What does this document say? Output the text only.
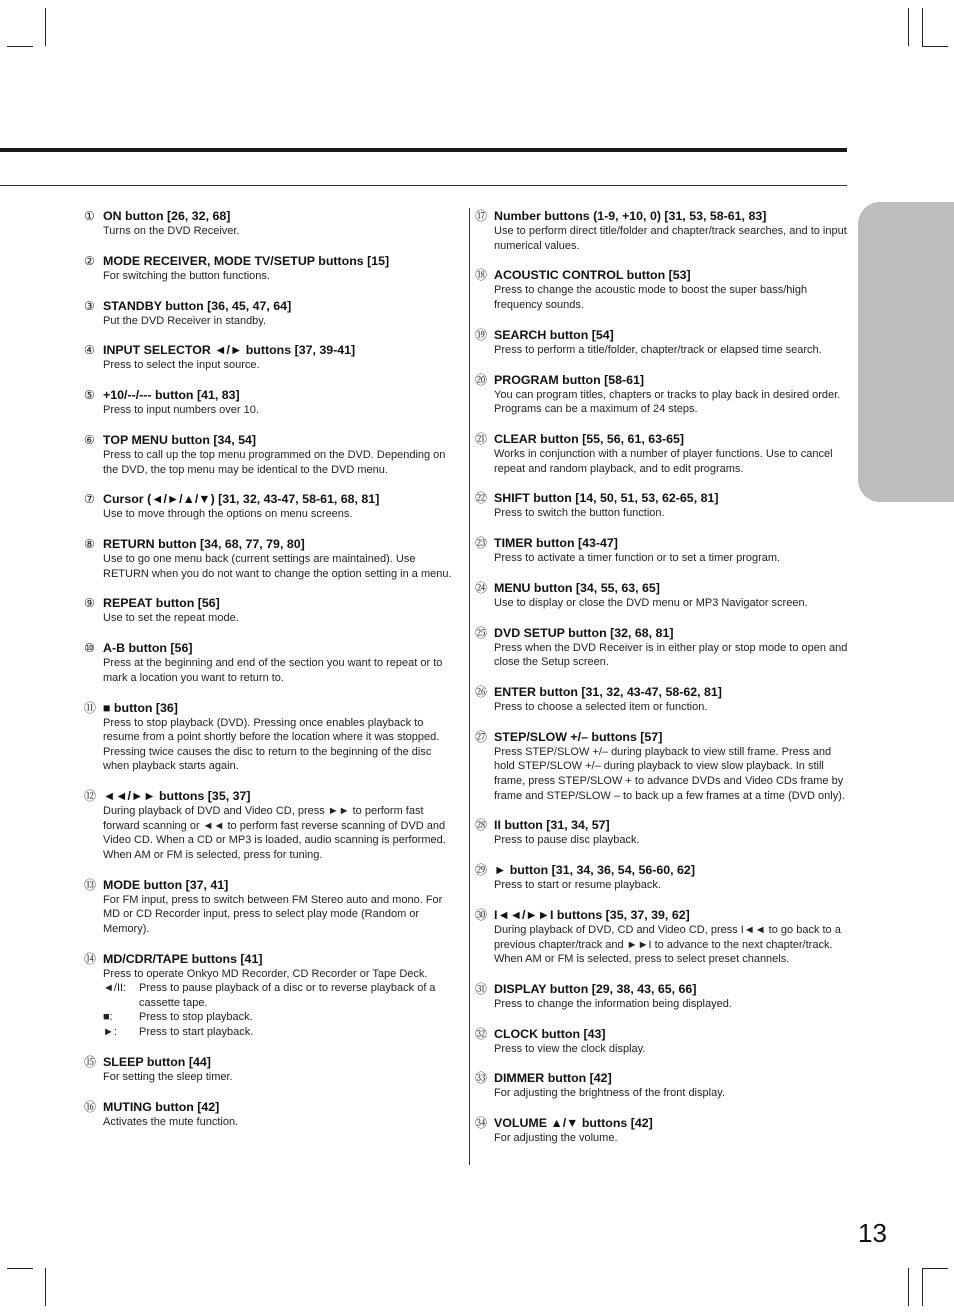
① ON button [26, 32, 68]
Turns on the DVD Receiver.
② MODE RECEIVER, MODE TV/SETUP buttons [15]
For switching the button functions.
③ STANDBY button [36, 45, 47, 64]
Put the DVD Receiver in standby.
④ INPUT SELECTOR ◄/► buttons [37, 39-41]
Press to select the input source.
⑤ +10/--/--- button [41, 83]
Press to input numbers over 10.
⑥ TOP MENU button [34, 54]
Press to call up the top menu programmed on the DVD. Depending on the DVD, the top menu may be identical to the DVD menu.
⑦ Cursor (◄/►/▲/▼) [31, 32, 43-47, 58-61, 68, 81]
Use to move through the options on menu screens.
⑧ RETURN button [34, 68, 77, 79, 80]
Use to go one menu back (current settings are maintained). Use RETURN when you do not want to change the option setting in a menu.
⑨ REPEAT button [56]
Use to set the repeat mode.
⑩ A-B button [56]
Press at the beginning and end of the section you want to repeat or to mark a location you want to return to.
⑪ ■ button [36]
Press to stop playback (DVD). Pressing once enables playback to resume from a point shortly before the location where it was stopped. Pressing twice causes the disc to return to the beginning of the disc when playback starts again.
⑫ ◄◄/►► buttons [35, 37]
During playback of DVD and Video CD, press ►► to perform fast forward scanning or ◄◄ to perform fast reverse scanning of DVD and Video CD. When a CD or MP3 is loaded, audio scanning is performed. When AM or FM is selected, press for tuning.
⑬ MODE button [37, 41]
For FM input, press to switch between FM Stereo auto and mono. For MD or CD Recorder input, press to select play mode (Random or Memory).
⑭ MD/CDR/TAPE buttons [41]
Press to operate Onkyo MD Recorder, CD Recorder or Tape Deck.
◄/II:	Press to pause playback of a disc or to reverse playback of a cassette tape.
■:	Press to stop playback.
►:	Press to start playback.
⑮ SLEEP button [44]
For setting the sleep timer.
⑯ MUTING button [42]
Activates the mute function.
⑰ Number buttons (1-9, +10, 0) [31, 53, 58-61, 83]
Use to perform direct title/folder and chapter/track searches, and to input numerical values.
⑱ ACOUSTIC CONTROL button [53]
Press to change the acoustic mode to boost the super bass/high frequency sounds.
⑲ SEARCH button [54]
Press to perform a title/folder, chapter/track or elapsed time search.
⑳ PROGRAM button [58-61]
You can program titles, chapters or tracks to play back in desired order. Programs can be a maximum of 24 steps.
㉑ CLEAR button [55, 56, 61, 63-65]
Works in conjunction with a number of player functions. Use to cancel repeat and random playback, and to edit programs.
㉒ SHIFT button [14, 50, 51, 53, 62-65, 81]
Press to switch the button function.
㉓ TIMER button [43-47]
Press to activate a timer function or to set a timer program.
㉔ MENU button [34, 55, 63, 65]
Use to display or close the DVD menu or MP3 Navigator screen.
㉕ DVD SETUP button [32, 68, 81]
Press when the DVD Receiver is in either play or stop mode to open and close the Setup screen.
㉖ ENTER button [31, 32, 43-47, 58-62, 81]
Press to choose a selected item or function.
㉗ STEP/SLOW +/– buttons [57]
Press STEP/SLOW +/– during playback to view still frame. Press and hold STEP/SLOW +/– during playback to view slow playback. In still frame, press STEP/SLOW + to advance DVDs and Video CDs frame by frame and STEP/SLOW – to back up a few frames at a time (DVD only).
㉘ II button [31, 34, 57]
Press to pause disc playback.
㉙ ► button [31, 34, 36, 54, 56-60, 62]
Press to start or resume playback.
㉚ I◄◄/►►I buttons [35, 37, 39, 62]
During playback of DVD, CD and Video CD, press I◄◄ to go back to a previous chapter/track and ►►I to advance to the next chapter/track. When AM or FM is selected, press to select preset channels.
㉛ DISPLAY button [29, 38, 43, 65, 66]
Press to change the information being displayed.
㉜ CLOCK button [43]
Press to view the clock display.
㉝ DIMMER button [42]
For adjusting the brightness of the front display.
㉞ VOLUME ▲/▼ buttons [42]
For adjusting the volume.
13
